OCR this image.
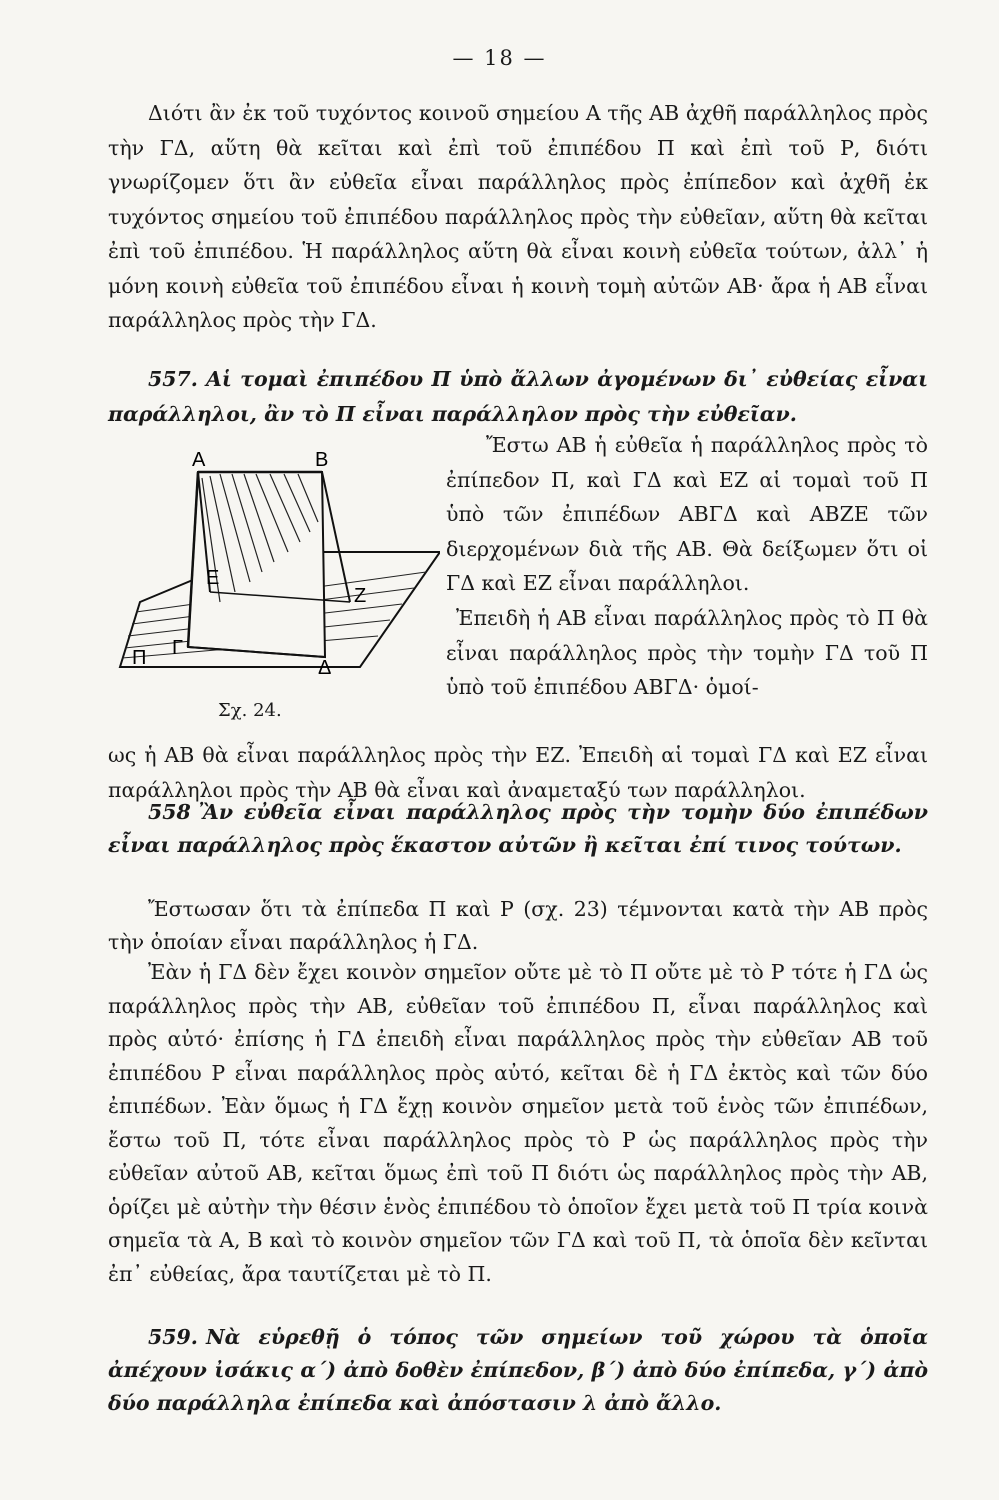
— 18 —

Διότι ἂν ἐκ τοῦ τυχόντος κοινοῦ σημείου Α τῆς ΑΒ ἀχθῆ παράλληλος πρὸς τὴν ΓΔ, αὕτη θὰ κεῖται καὶ ἐπὶ τοῦ ἐπιπέδου Π καὶ ἐπὶ τοῦ Ρ, διότι γνωρίζομεν ὅτι ἂν εὐθεῖα εἶναι παράλληλος πρὸς ἐπίπεδον καὶ ἀχθῆ ἐκ τυχόντος σημείου τοῦ ἐπιπέδου παράλληλος πρὸς τὴν εὐθεῖαν, αὕτη θὰ κεῖται ἐπὶ τοῦ ἐπιπέδου. Ἡ παράλληλος αὕτη θὰ εἶναι κοινὴ εὐθεῖα τούτων, ἀλλ᾽ ἡ μόνη κοινὴ εὐθεῖα τοῦ ἐπιπέδου εἶναι ἡ κοινὴ τομὴ αὐτῶν ΑΒ· ἄρα ἡ ΑΒ εἶναι παράλληλος πρὸς τὴν ΓΔ.

557. Αἱ τομαὶ ἐπιπέδου Π ὑπὸ ἄλλων ἀγομένων δι᾽ εὐθείας εἶναι παράλληλοι, ἂν τὸ Π εἶναι παράλληλον πρὸς τὴν εὐθεῖαν.
Ἔστω ΑΒ ἡ εὐθεῖα ἡ παράλληλος πρὸς τὸ ἐπίπεδον Π, καὶ ΓΔ καὶ ΕΖ αἱ τομαὶ τοῦ Π ὑπὸ τῶν ἐπιπέδων ΑΒΓΔ καὶ ΑΒΖΕ τῶν διερχομένων διὰ τῆς ΑΒ. Θὰ δείξωμεν ὅτι οἱ ΓΔ καὶ ΕΖ εἶναι παράλληλοι.
Ἐπειδὴ ἡ ΑΒ εἶναι παράλληλος πρὸς τὸ Π θὰ εἶναι παράλληλος πρὸς τὴν τομὴν ΓΔ τοῦ Π ὑπὸ τοῦ ἐπιπέδου ΑΒΓΔ· ὁμοί-
Α	Β
Ε
Ζ
Π Γ
Δ
Σχ. 24.

ως ἡ ΑΒ θὰ εἶναι παράλληλος πρὸς τὴν ΕΖ. Ἐπειδὴ αἱ τομαὶ ΓΔ καὶ ΕΖ εἶναι παράλληλοι πρὸς τὴν ΑΒ θὰ εἶναι καὶ ἀναμεταξύ των παράλληλοι.

558 Ἂν εὐθεῖα εἶναι παράλληλος πρὸς τὴν τομὴν δύο ἐπιπέδων εἶναι παράλληλος πρὸς ἕκαστον αὐτῶν ἢ κεῖται ἐπί τινος τούτων.

Ἔστωσαν ὅτι τὰ ἐπίπεδα Π καὶ Ρ (σχ. 23) τέμνονται κατὰ τὴν ΑΒ πρὸς τὴν ὁποίαν εἶναι παράλληλος ἡ ΓΔ.

Ἐὰν ἡ ΓΔ δὲν ἔχει κοινὸν σημεῖον οὔτε μὲ τὸ Π οὔτε μὲ τὸ Ρ τότε ἡ ΓΔ ὡς παράλληλος πρὸς τὴν ΑΒ, εὐθεῖαν τοῦ ἐπιπέδου Π, εἶναι παράλληλος καὶ πρὸς αὐτό· ἐπίσης ἡ ΓΔ ἐπειδὴ εἶναι παράλληλος πρὸς τὴν εὐθεῖαν ΑΒ τοῦ ἐπιπέδου Ρ εἶναι παράλληλος πρὸς αὐτό, κεῖται δὲ ἡ ΓΔ ἐκτὸς καὶ τῶν δύο ἐπιπέδων. Ἐὰν ὅμως ἡ ΓΔ ἔχῃ κοινὸν σημεῖον μετὰ τοῦ ἑνὸς τῶν ἐπιπέδων, ἔστω τοῦ Π, τότε εἶναι παράλληλος πρὸς τὸ Ρ ὡς παράλληλος πρὸς τὴν εὐθεῖαν αὐτοῦ ΑΒ, κεῖται ὅμως ἐπὶ τοῦ Π διότι ὡς παράλληλος πρὸς τὴν ΑΒ, ὁρίζει μὲ αὐτὴν τὴν θέσιν ἑνὸς ἐπιπέδου τὸ ὁποῖον ἔχει μετὰ τοῦ Π τρία κοινὰ σημεῖα τὰ Α, Β καὶ τὸ κοινὸν σημεῖον τῶν ΓΔ καὶ τοῦ Π, τὰ ὁποῖα δὲν κεῖνται ἐπ᾽ εὐθείας, ἄρα ταυτίζεται μὲ τὸ Π.

559. Νὰ εὑρεθῇ ὁ τόπος τῶν σημείων τοῦ χώρου τὰ ὁποῖα ἀπέχουν ἰσάκις α΄) ἀπὸ δοθὲν ἐπίπεδον, β΄) ἀπὸ δύο ἐπίπεδα, γ΄) ἀπὸ δύο παράλληλα ἐπίπεδα καὶ ἀπόστασιν λ ἀπὸ ἄλλο.
